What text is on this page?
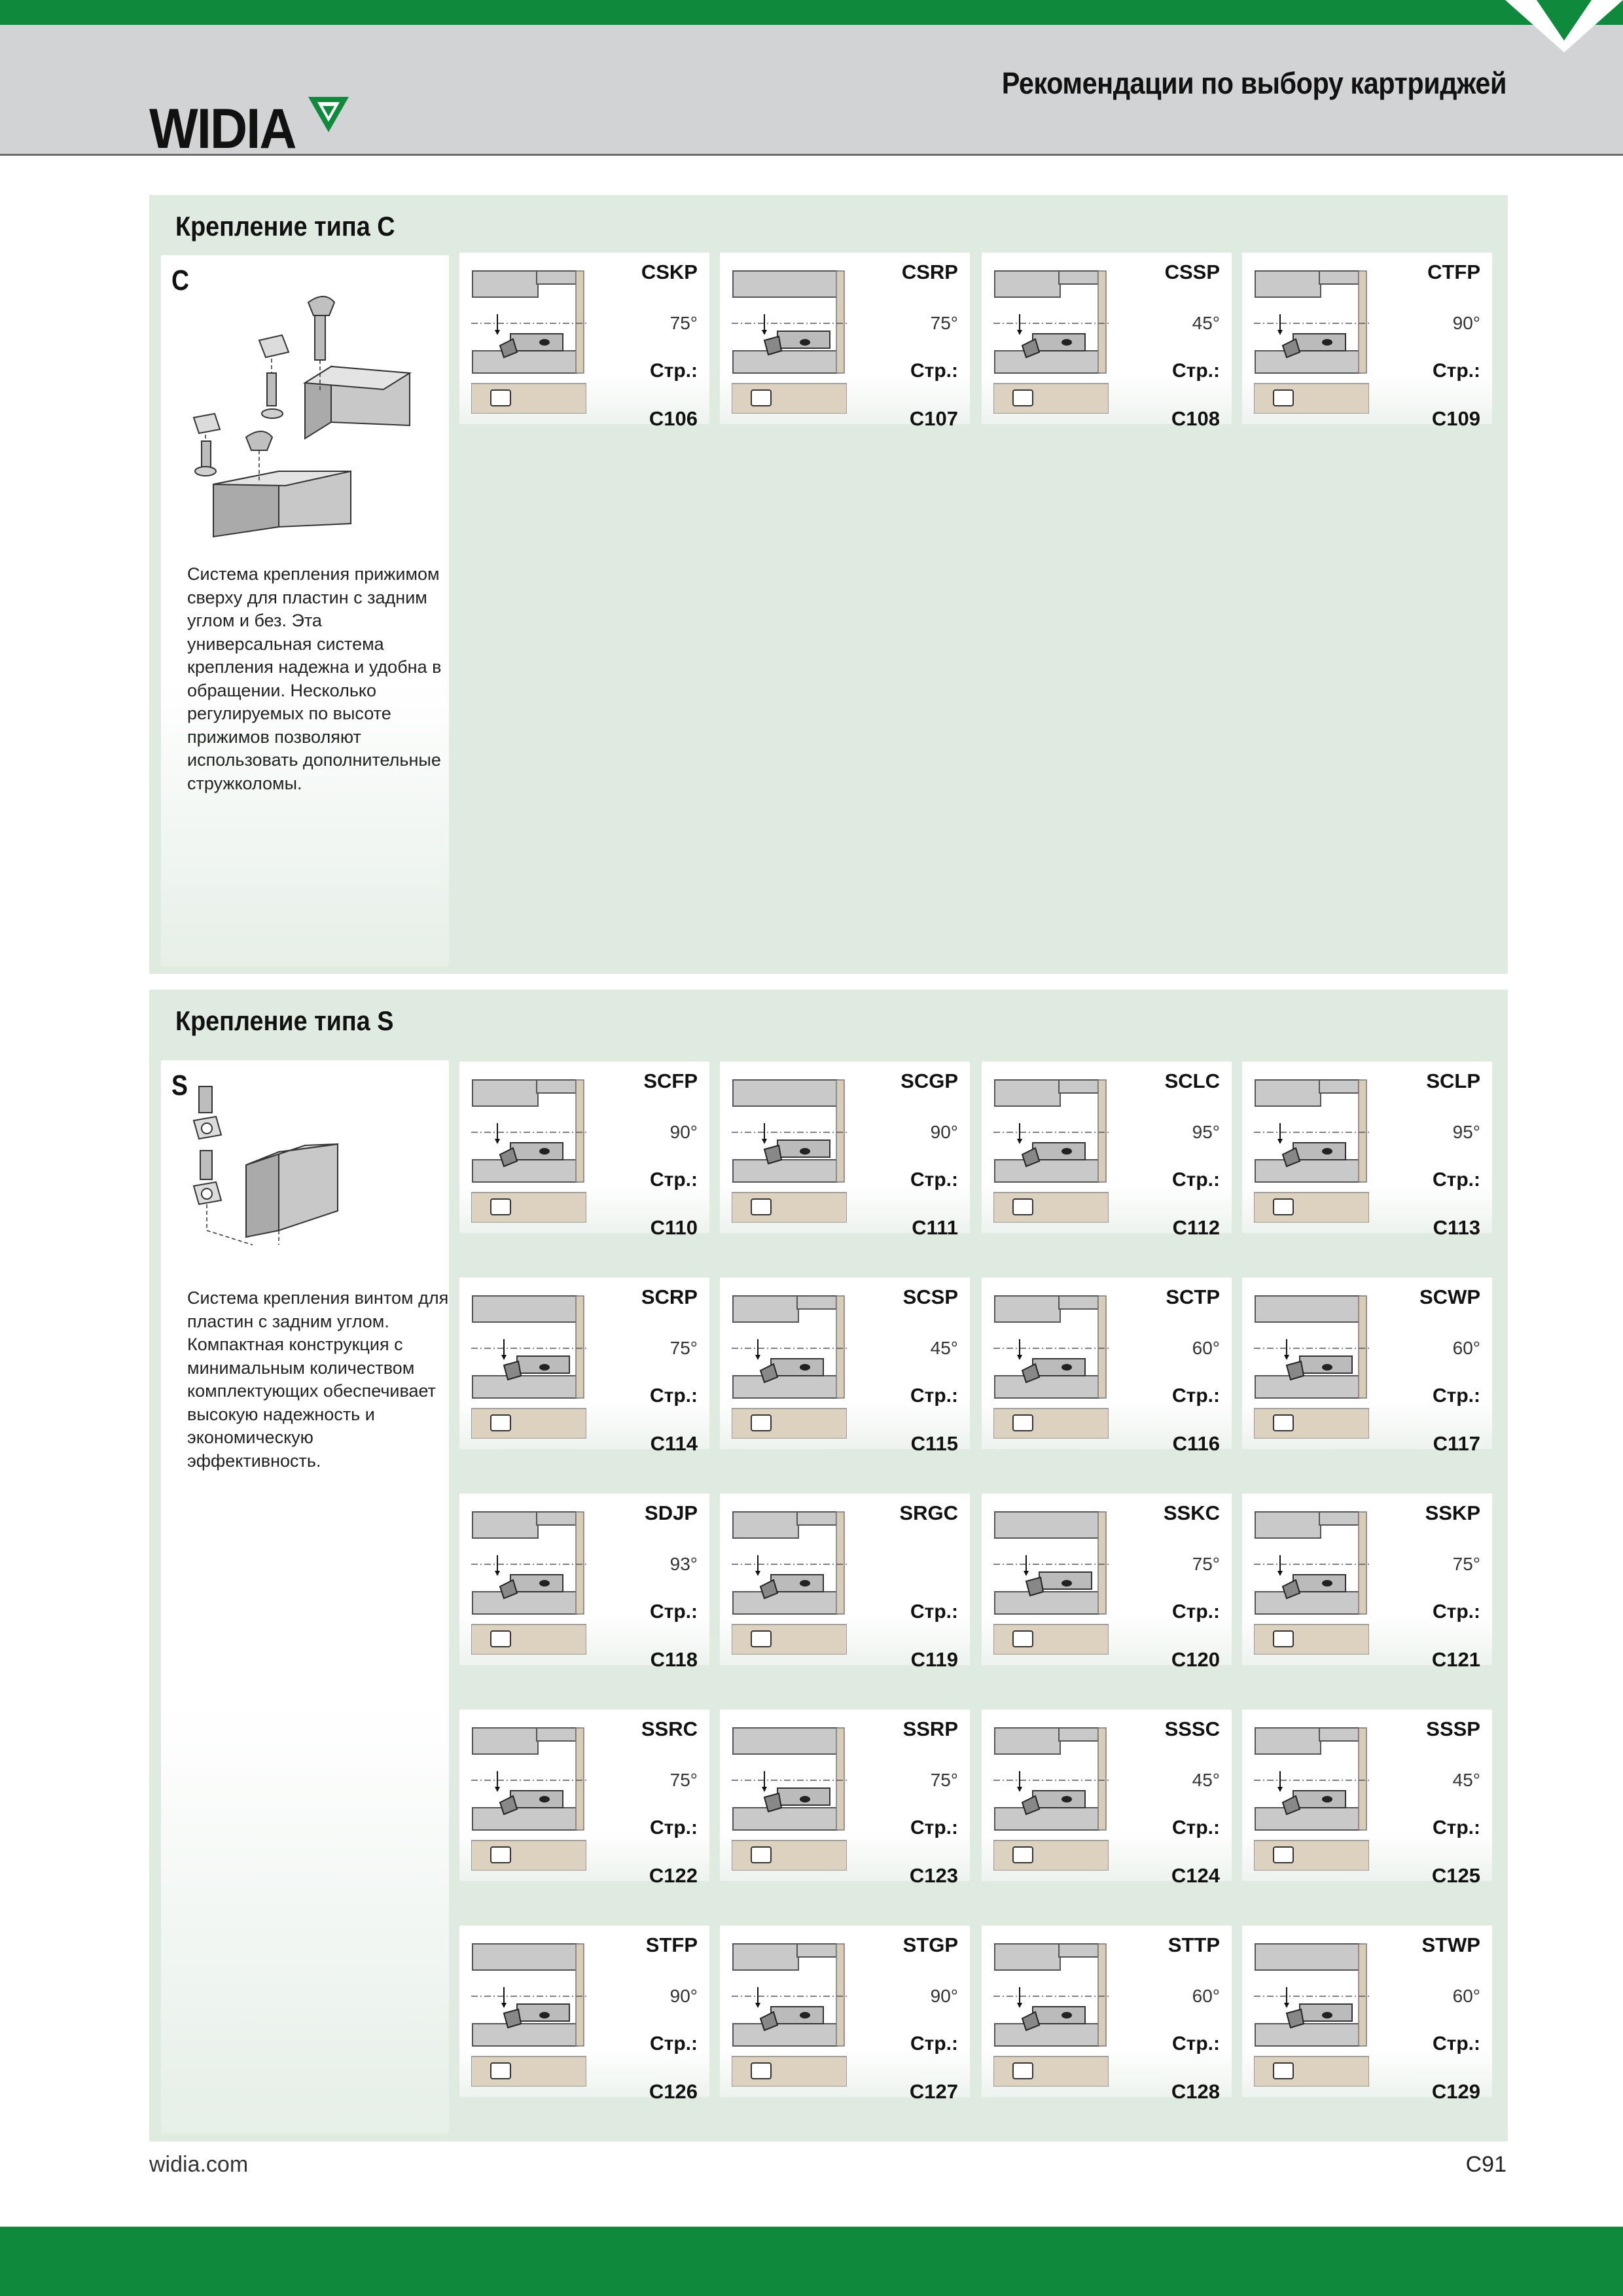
WIDIA
Рекомендации по выбору картриджей
Крепление типа C
C
Система крепления прижимом сверху для пластин с задним углом и без. Эта универсальная система крепления надежна и удобна в обращении. Несколько регулируемых по высоте прижимов позволяют использовать дополнительные стружколомы.
CSKP
75°
Стр.:
C106
CSRP
75°
Стр.:
C107
CSSP
45°
Стр.:
C108
CTFP
90°
Стр.:
C109
Крепление типа S
S
Система крепления винтом для пластин с задним углом. Компактная конструкция с минимальным количеством комплектующих обеспечивает высокую надежность и экономическую эффективность.
SCFP
90°
Стр.:
C110
SCGP
90°
Стр.:
C111
SCLC
95°
Стр.:
C112
SCLP
95°
Стр.:
C113
SCRP
75°
Стр.:
C114
SCSP
45°
Стр.:
C115
SCTP
60°
Стр.:
C116
SCWP
60°
Стр.:
C117
SDJP
93°
Стр.:
C118
SRGC
Стр.:
C119
SSKC
75°
Стр.:
C120
SSKP
75°
Стр.:
C121
SSRC
75°
Стр.:
C122
SSRP
75°
Стр.:
C123
SSSC
45°
Стр.:
C124
SSSP
45°
Стр.:
C125
STFP
90°
Стр.:
C126
STGP
90°
Стр.:
C127
STTP
60°
Стр.:
C128
STWP
60°
Стр.:
C129
widia.com	C91
